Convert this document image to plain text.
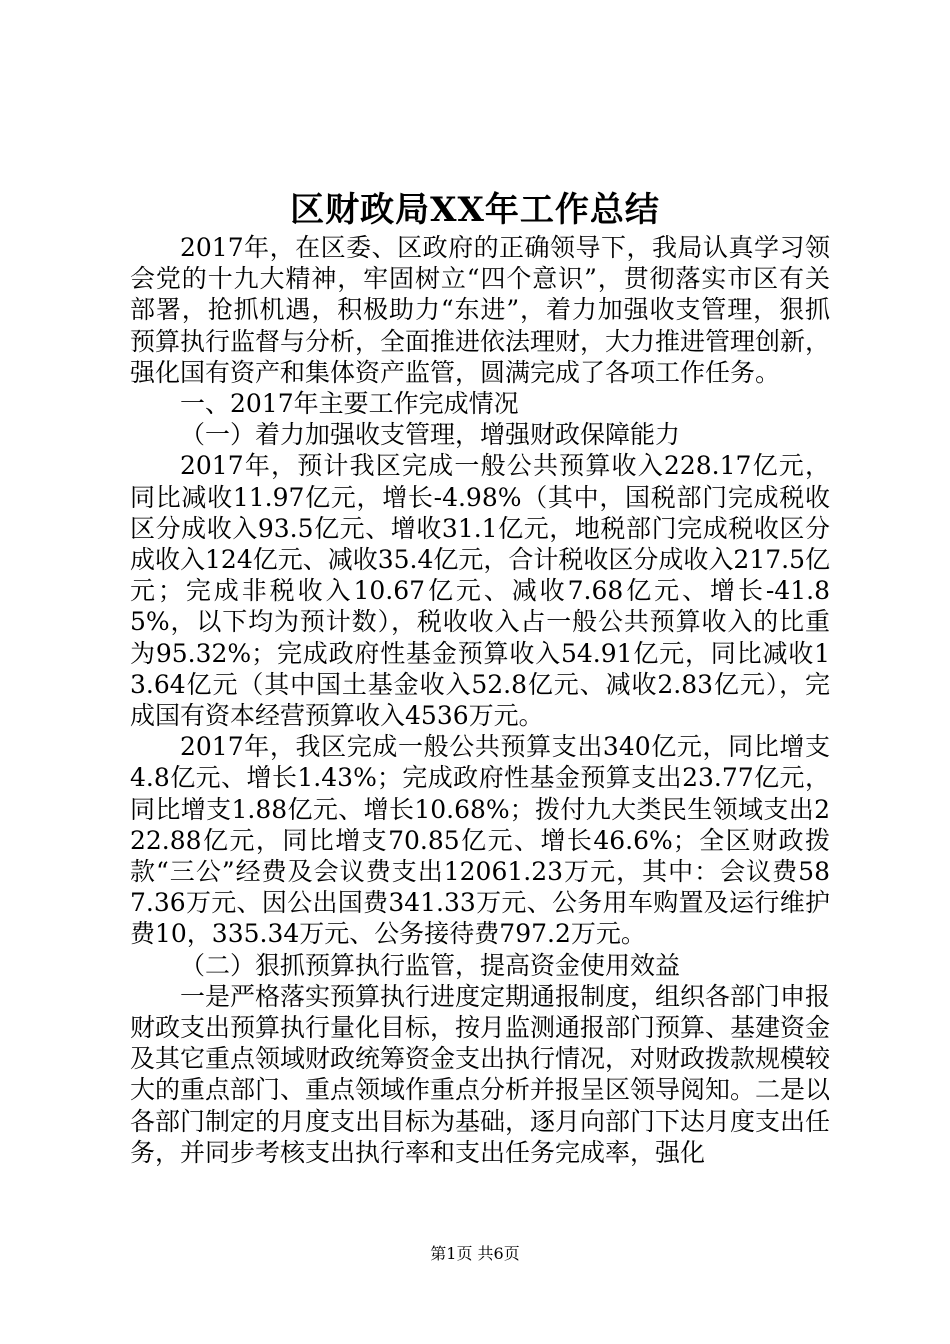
区财政局XX年工作总结

2017年，在区委、区政府的正确领导下，我局认真学习领会党的十九大精神，牢固树立“四个意识”，贯彻落实市区有关部署，抢抓机遇，积极助力“东进”，着力加强收支管理，狠抓预算执行监督与分析，全面推进依法理财，大力推进管理创新，强化国有资产和集体资产监管，圆满完成了各项工作任务。

一、2017年主要工作完成情况

（一）着力加强收支管理，增强财政保障能力

2017年，预计我区完成一般公共预算收入228.17亿元，同比减收11.97亿元，增长-4.98%（其中，国税部门完成税收区分成收入93.5亿元、增收31.1亿元，地税部门完成税收区分成收入124亿元、减收35.4亿元，合计税收区分成收入217.5亿元；完成非税收入10.67亿元、减收7.68亿元、增长-41.85%，以下均为预计数），税收收入占一般公共预算收入的比重为95.32%；完成政府性基金预算收入54.91亿元，同比减收13.64亿元（其中国土基金收入52.8亿元、减收2.83亿元），完成国有资本经营预算收入4536万元。

2017年，我区完成一般公共预算支出340亿元，同比增支4.8亿元、增长1.43%；完成政府性基金预算支出23.77亿元，同比增支1.88亿元、增长10.68%；拨付九大类民生领域支出222.88亿元，同比增支70.85亿元、增长46.6%；全区财政拨款“三公”经费及会议费支出12061.23万元，其中：会议费587.36万元、因公出国费341.33万元、公务用车购置及运行维护费10，335.34万元、公务接待费797.2万元。

（二）狠抓预算执行监管，提高资金使用效益

一是严格落实预算执行进度定期通报制度，组织各部门申报财政支出预算执行量化目标，按月监测通报部门预算、基建资金及其它重点领域财政统筹资金支出执行情况，对财政拨款规模较大的重点部门、重点领域作重点分析并报呈区领导阅知。二是以各部门制定的月度支出目标为基础，逐月向部门下达月度支出任务，并同步考核支出执行率和支出任务完成率，强化

第1页 共6页
